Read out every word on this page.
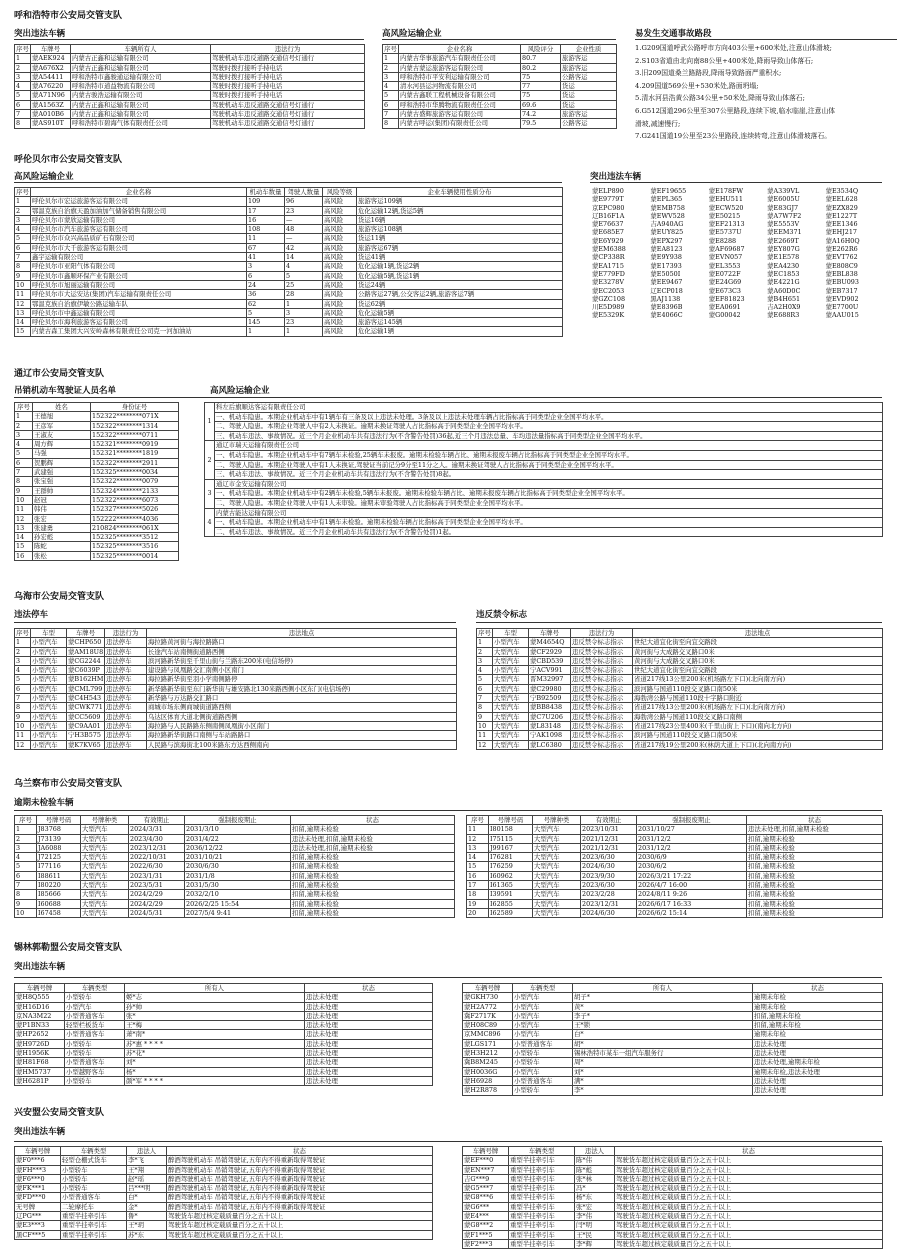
呼和浩特市公安局交管支队
突出违法车辆
序号	车牌号	车辆所有人	违法行为
1	蒙AEK924	内蒙古正鑫和运输有限公司	驾驶机动车违反道路交通信号灯通行
2	蒙A676X2	内蒙古正鑫和运输有限公司	驾驶时拨打接听手持电话
3	蒙A54411	呼和浩特市鑫骏通运输有限公司	驾驶时拨打接听手持电话
4	蒙A76220	呼和浩特市道益物流有限公司	驾驶时拨打接听手持电话
5	蒙A71N96	内蒙古骏浩运输有限公司	驾驶时拨打接听手持电话
6	蒙A1563Z	内蒙古正鑫和运输有限公司	驾驶机动车违反道路交通信号灯通行
7	蒙A010B6	内蒙古正鑫和运输有限公司	驾驶机动车违反道路交通信号灯通行
8	蒙AS910T	呼和浩特市碧海气体有限责任公司	驾驶机动车违反道路交通信号灯通行
高风险运输企业
序号	企业名称	风险评分	企业性质
1	内蒙古华事旅游汽车有限责任公司	80.7	旅游客运
2	内蒙古蒙运旅游客运有限公司	80.2	旅游客运
3	呼和浩特市平安利运输有限公司	75	公路客运
4	清水河县运河物流有限公司	77	货运
5	内蒙古鑫联工程机械设备有限公司	75	货运
6	呼和浩特市华腾物流有限责任公司	69.6	货运
7	内蒙古盛辉旅游客运有限公司	74.2	旅游客运
8	内蒙古呼运(集团)有限责任公司	79.5	公路客运
易发生交通事故路段
1.G209国道呼武公路呼市方向403公里+600米处,注意山体滑坡;
2.S103省道由北向南88公里+400米处,降雨导致山体落石;
3.旧209国道桑兰路路段,降雨导致路面严重积水;
4.209国道569公里+530米处,路面坍塌;
5.清水河县浩黄公路34公里+50米处,降雨导致山体落石;
6.G512国道296公里至307公里路段,连续下坡,临水临崖,注意山体
滑坡,减速慢行;
7.G241国道19公里至23公里路段,连续转弯,注意山体滑坡落石。
呼伦贝尔市公安局交管支队
高风险运输企业
序号	企业名称	机动车数量	驾驶人数量	风险等级	企业车辆使用性质分布
1	呼伦贝尔市宏运旅游客运有限公司	109	96	高风险	旅游客运109辆
2	鄂温克族自治旗天盈加油加气储备销售有限公司	17	23	高风险	危化运输12辆,货运5辆
3	呼伦贝尔市蒙欣运输有限公司	16	—	高风险	货运16辆
4	呼伦贝尔市汽车旅游客运有限公司	108	48	高风险	旅游客运108辆
5	呼伦贝尔市众兴高品质矿石有限公司	11	—	高风险	货运11辆
6	呼伦贝尔市大千旅游客运有限公司	67	42	高风险	旅游客运67辆
7	鑫宇运输有限公司	41	14	高风险	货运41辆
8	呼伦贝尔市亚阳气体有限公司	3	4	高风险	危化运输1辆,货运2辆
9	呼伦贝尔市鑫顺环保产业有限公司	6	5	高风险	危化运输5辆,货运1辆
10	呼伦贝尔市旭丽运输有限公司	24	25	高风险	货运24辆
11	呼伦贝尔市大运安达(集团)汽车运输有限责任公司	36	28	高风险	公路客运27辆,公交客运2辆,旅游客运7辆
12	鄂温克族自治旗伊敏公路运输车队	62	1	高风险	货运62辆
13	呼伦贝尔市中鑫运输有限公司	5	3	高风险	危化运输5辆
14	呼伦贝尔市海利旅游客运有限公司	145	23	高风险	旅游客运145辆
15	内蒙古森工集团大兴安岭森林有限责任公司克一河加油站	1	1	高风险	危化运输1辆
突出违法车辆
蒙ELP890	蒙EF19655	蒙E178FW	蒙A339VL	蒙E3534Q
蒙E9779T	蒙EPL365	蒙EHU511	蒙E6005U	蒙EEL628
京EPC980	蒙EMB758	蒙ECW520	蒙E83GJ7	蒙EZX829
辽B16F1A	蒙EWV528	蒙E50215	蒙A7W7F2	蒙E1227T
蒙E76637	吉A940AG	蒙EF21313	蒙E5553V	蒙EE1346
蒙E685E7	蒙EUY825	蒙E5737U	蒙EEM371	蒙EHJ217
蒙E6Y929	蒙EPX297	蒙E8288	蒙E2669T	蒙A16H0Q
蒙EM6388	蒙EA8123	蒙AF69687	蒙EY807G	蒙E262R6
蒙CP338R	蒙E9Y938	蒙EVN057	蒙E1E578	蒙EVT762
蒙EA1715	蒙E17393	蒙EL3553	蒙EA4230	蒙E808C9
蒙E779FD	蒙E5050I	蒙E0722F	蒙EC1853	蒙EBL838
蒙E3278V	蒙EE9467	蒙E24G69	蒙E4221G	蒙EBU093
蒙EC2053	辽ECP018	蒙E673C3	蒙A60D0C	蒙EB7317
蒙GZC108	黑AJ1138	蒙EF81823	蒙B4H651	蒙EVD902
川E5D989	蒙E8396B	蒙EA0691	吉A2H0X9	蒙E7700U
蒙E5329K	蒙E4066C	蒙G00042	蒙E688R3	蒙AAU015
通辽市公安局交管支队
吊销机动车驾驶证人员名单	高风险运输企业
序号	姓名	身份证号
1	王德旭	152322********071X
2	王彦军	152322********1314
3	王淑友	152322********0711
4	周方辉	152321********0919
5	马强	152321********1819
6	贺鹏辉	152322********2911
7	武建强	152325********0034
8	张宝强	152322********0079
9	王群帅	152324********2133
10	赵冠	152322********6073
11	韩伟	152327********5026
12	张宏	152222********4036
13	张建勇	210824********061X
14	孙宏彪	152325********3512
15	陈蛇	152325********3516
16	张松	152325********0014
1	科左后旗顺达客运有限责任公司
	一、机动车隐患。本期企业机动车中有1辆车有三条及以上违法未处理。3条及以上违法未处理车辆占比指标高于同类型企业全国平均水平。
	二、驾驶人隐患。本期企业驾驶人中有2人未换证。逾期未换证驾驶人占比指标高于同类型企业全国平均水平。
	三、机动车违法、事故情况。近三个月企业机动车共有违法行为(不含警告处罚)36起,近三个月违法总量、车均违法量指标高于同类型企业全国平均水平。
2	通辽市瑞天运输有限责任公司
	一、机动车隐患。本期企业机动车中有7辆车未检验,25辆车未报废。逾期未检验车辆占比、逾期未报废车辆占比指标高于同类型企业全国平均水平。
	二、驾驶人隐患。本期企业驾驶人中有1人未换证,驾驶证当前记分9分至11分之人。逾期未换证驾驶人占比指标高于同类型企业全国平均水平。
	三、机动车违法、事故情况。近三个月企业机动车共有违法行为(不含警告处罚)8起。
3	通辽市金安运输有限公司
	一、机动车隐患。本期企业机动车中有2辆车未检验,5辆车未报废。逾期未检验车辆占比、逾期未报废车辆占比指标高于同类型企业全国平均水平。
	二、驾驶人隐患。本期企业驾驶人中有1人未审验。逾期未审验驾驶人占比指标高于同类型企业全国平均水平。
4	内蒙古能达运输有限公司
	一、机动车隐患。本期企业机动车中有1辆车未检验。逾期未检验车辆占比指标高于同类型企业全国平均水平。
	二、机动车违法、事故情况。近三个月企业机动车共有违法行为(不含警告处罚)1起。
乌海市公安局交管支队
违法停车	违反禁令标志
序号	车型	车牌号	违法行为	违法地点
1	小型汽车	蒙CHP650	违法停车	海拉路黄河街与海拉路路口
2	小型汽车	蒙AM18U8	违法停车	长途汽车站南侧街道路西侧
3	小型汽车	蒙CG2244	违法停车	滨河路新华街至千里山街与兰路东200米(电信场停)
4	小型汽车	蒙C6039P	违法停车	建设路与凤凰路交汇南侧小区南门
5	小型汽车	蒙B162HM	违法停车	海拉路新华街至羽小学南侧路停
6	小型汽车	蒙CML799	违法停车	新华路新华街至东门新华街与雄安路北130米路西侧小区东门(电信场停)
7	小型汽车	蒙C4H543	违法停车	新华路与万达路交汇路口
8	小型汽车	蒙CWK771	违法停车	商城市场东侧商城街道路西侧
9	小型汽车	蒙CC5609	违法停车	乌达区体育大道北侧街道路西侧
10	小型汽车	蒙C9AA01	违法停车	海拉路与人民路路东侧南侧凤凰街小区南门
11	小型汽车	宁H3B575	违法停车	海拉路新华街路口南侧与车站路路口
12	小型汽车	蒙K7KV65	违法停车	人民路与滨海街北100米路东方达西侧南向
序号	车型	车牌号	违法行为	违法地点
1	小型汽车	蒙M4654Q	违反禁令标志指示	世纪大道宜化街至向宜交路段
2	大型汽车	蒙CF2929	违反禁令标志指示	黄河街与大成路交叉路口0米
3	大型汽车	蒙CBD539	违反禁令标志指示	黄河街与大成路交叉路口0米
4	小型汽车	宁ACV991	违反禁令标志指示	世纪大道宜化街至向宜交路段
5	大型汽车	晋M32997	违反禁令标志指示	省道217线13公里200米(机场路左下口)(北向南方向)
6	大型汽车	蒙C29980	违反禁令标志指示	滨河路与国道110段交叉路口南50米
7	大型汽车	宁B92509	违反禁令标志指示	海勃湾公路与国道110段十字路口附近
8	大型汽车	蒙BB8438	违反禁令标志指示	省道217线13公里200米(机场路左下口)(北向南方向)
9	大型汽车	蒙C7U206	违反禁令标志指示	海勃湾公路与国道110段交叉路口南侧
10	大型汽车	蒙L83148	违反禁令标志指示	省道217线23公里400米(千里山街上下口)(南向北方向)
11	大型汽车	宁AK1098	违反禁令标志指示	滨河路与国道110段交叉路口南50米
12	大型汽车	蒙LC6380	违反禁令标志指示	省道217线19公里200米(林荫大道上下口)(北向南方向)
乌兰察布市公安局交管支队
逾期未检验车辆
序号	号牌号码	号牌种类	有效期止	强制报废期止	状态
1	J83768	大型汽车	2024/3/31	2031/3/10	扣留,逾期未检验
2	J73139	大型汽车	2023/4/30	2031/4/22	违法未处理,扣留,逾期未检验
3	JA6088	大型汽车	2023/12/31	2036/12/22	违法未处理,扣留,逾期未检验
4	J72125	大型汽车	2022/10/31	2031/10/21	扣留,逾期未检验
5	I77116	大型汽车	2022/6/30	2030/6/30	扣留,逾期未检验
6	I88611	大型汽车	2023/1/31	2031/1/8	扣留,逾期未检验
7	I80220	大型汽车	2023/5/31	2031/5/30	扣留,逾期未检验
8	I85666	大型汽车	2024/2/29	2032/2/10	扣留,逾期未检验
9	I60688	大型汽车	2024/2/29	2026/2/25 15:54	扣留,逾期未检验
10	I67458	大型汽车	2024/5/31	2027/5/4 9:41	扣留,逾期未检验
序号	号牌号码	号牌种类	有效期止	强制报废期止	状态
11	I80158	大型汽车	2023/10/31	2031/10/27	违法未处理,扣留,逾期未检验
12	I75115	大型汽车	2021/12/31	2031/12/2	扣留,逾期未检验
13	J99167	大型汽车	2021/12/31	2031/12/2	扣留,逾期未检验
14	I76281	大型汽车	2023/6/30	2030/6/9	扣留,逾期未检验
15	I76259	大型汽车	2024/6/30	2030/6/2	扣留,逾期未检验
16	I60962	大型汽车	2023/9/30	2026/3/21 17:22	扣留,逾期未检验
17	I61365	大型汽车	2023/6/30	2026/4/7 16:00	扣留,逾期未检验
18	I39591	大型汽车	2023/2/28	2024/8/11 9:26	扣留,逾期未检验
19	I62855	大型汽车	2023/12/31	2026/6/17 16:33	扣留,逾期未检验
20	I62589	大型汽车	2024/6/30	2026/6/2 15:14	扣留,逾期未检验
锡林郭勒盟公安局交管支队
突出违法车辆
车辆号牌	车辆类型	所有人	状态
蒙H8Q555	小型轿车	姬*志	违法未处理
蒙H16D16	小型汽车	孙*帅	违法未处理
京NA3M22	小型普通客车	张*	违法未处理
蒙P1BN33	轻型栏板货车	王*梅	违法未处理
蒙HP2652	小型普通客车	萧*南*	违法未处理
蒙H9726D	小型轿车	苏*惠 * * * *	违法未处理
蒙H1956K	小型轿车	苏*花*	违法未处理
蒙H81F68	小型普通客车	刘*	违法未处理
蒙HM5737	小型越野客车	杨*	违法未处理
蒙H6281P	小型轿车	颜*军 * * * *	违法未处理
车辆号牌	车辆类型	所有人	状态
蒙GKH730	小型汽车	胡子*	逾期未年检
蒙H2A772	小型汽车	黄*	逾期未年检
冀F2717K	小型汽车	李子*	扣留,逾期未年检
蒙H08C89	小型汽车	王*锁	扣留,逾期未年检
京MMC896	小型汽车	白*	逾期未年检
蒙LGS171	小型普通客车	胡*	违法未处理
蒙H3H212	小型轿车	锡林浩特市某车一组汽车服务行	违法未处理
冀B8M245	小型轿车	周*	违法未处理,逾期未年检
蒙H0036G	小型汽车	刘*	逾期未年检,违法未处理
蒙H6928	小型普通客车	满*	违法未处理
蒙H2R878	小型轿车	李*	违法未处理
兴安盟公安局交管支队
突出违法车辆
车辆号牌	车辆类型	违法人	状态
蒙F0***6	轻型仓栅式货车	李*飞	醉酒驾驶机动车 吊销驾驶证,五年内不得重新取得驾驶证
蒙FH***3	小型轿车	王*翔	醉酒驾驶机动车 吊销驾驶证,五年内不得重新取得驾驶证
蒙F6***0	小型轿车	赵*瑶	醉酒驾驶机动车 吊销驾驶证,五年内不得重新取得驾驶证
蒙FK***1	小型轿车	吕***明	醉酒驾驶机动车 吊销驾驶证,五年内不得重新取得驾驶证
蒙FD***0	小型普通客车	白*	醉酒驾驶机动车 吊销驾驶证,五年内不得重新取得驾驶证
无号牌	二轮摩托车	金*	醉酒驾驶机动车 吊销驾驶证,五年内不得重新取得驾驶证
辽PG***	重型半挂牵引车	鲁*	驾驶货车超过核定载质量百分之五十以上
蒙E3***3	重型半挂牵引车	王*玥	驾驶货车超过核定载质量百分之五十以上
黑CF***5	重型半挂牵引车	苏*东	驾驶货车超过核定载质量百分之五十以上
车辆号牌	车辆类型	违法人	状态
蒙EF***0	重型半挂牵引车	陈*伟	驾驶货车超过核定载质量百分之五十以上
蒙EN***7	重型半挂牵引车	陈*彪	驾驶货车超过核定载质量百分之五十以上
吉G***9	重型半挂牵引车	张*林	驾驶货车超过核定载质量百分之五十以上
蒙G5***7	重型半挂牵引车	冯*	驾驶货车超过核定载质量百分之五十以上
蒙G8***6	重型半挂牵引车	杨*东	驾驶货车超过核定载质量百分之五十以上
蒙G6***	重型半挂牵引车	张*宏	驾驶货车超过核定载质量百分之五十以上
蒙E4***	重型半挂牵引车	李*伟	驾驶货车超过核定载质量百分之五十以上
蒙G8***2	重型半挂牵引车	闫*明	驾驶货车超过核定载质量百分之五十以上
蒙F1***5	重型半挂牵引车	王*民	驾驶货车超过核定载质量百分之五十以上
蒙F2***3	重型半挂牵引车	李*辉	驾驶货车超过核定载质量百分之五十以上
